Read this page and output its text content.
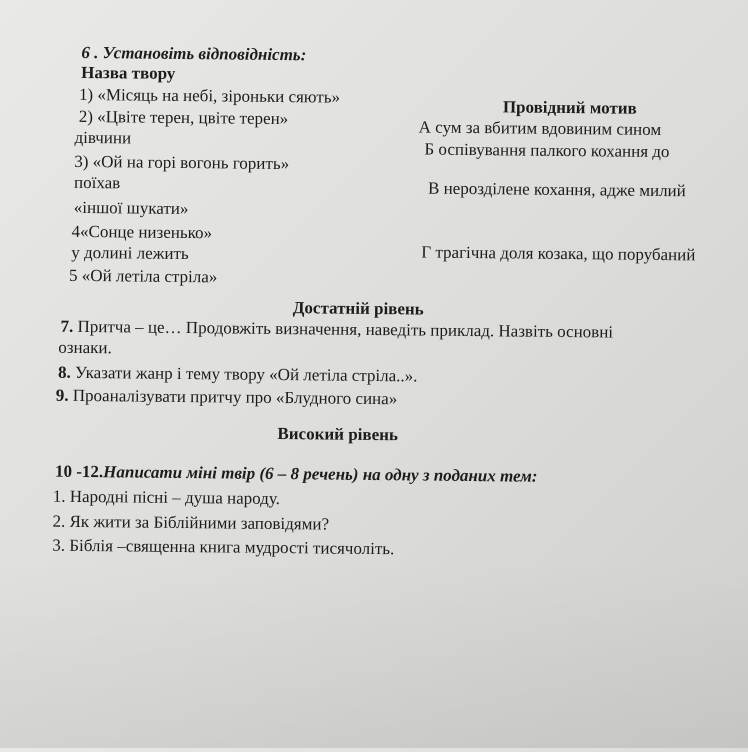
6 . Установіть відповідність:
Назва твору
Провідний мотив
1) «Місяць на небі, зіроньки сяють»
2) «Цвіте терен, цвіте терен»
дівчини
3) «Ой на горі вогонь горить»
поїхав
«іншої шукати»
4«Сонце низенько»
у долині лежить
5 «Ой летіла стріла»
А сум за вбитим вдовиним сином
Б оспівування палкого кохання до
В нерозділене кохання, адже милий
Г трагічна доля козака, що порубаний
Достатній рівень
7. Притча – це… Продовжіть визначення, наведіть приклад. Назвіть основні
ознаки.
8. Указати жанр і тему твору «Ой летіла стріла..».
9. Проаналізувати притчу про «Блудного сина»
Високий рівень
10 -12.Написати міні твір (6 – 8 речень) на одну з поданих тем:
1. Народні пісні – душа народу.
2. Як жити за Біблійними заповідями?
3. Біблія –священна книга мудрості тисячоліть.
